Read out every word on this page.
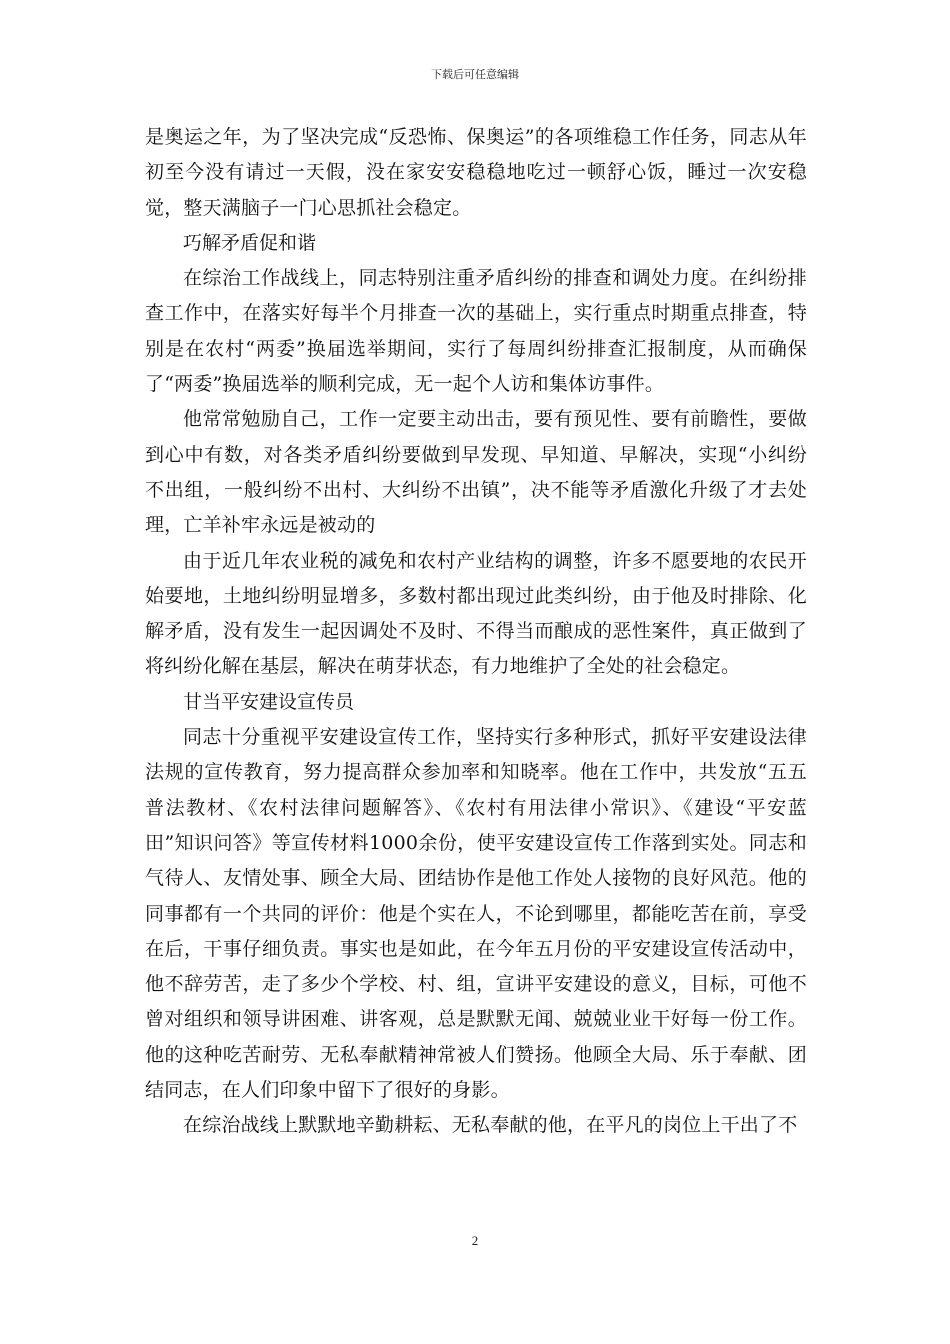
下载后可任意编辑

是奥运之年，为了坚决完成“反恐怖、保奥运”的各项维稳工作任务，同志从年初至今没有请过一天假，没在家安安稳稳地吃过一顿舒心饭，睡过一次安稳觉，整天满脑子一门心思抓社会稳定。

巧解矛盾促和谐

在综治工作战线上，同志特别注重矛盾纠纷的排查和调处力度。在纠纷排查工作中，在落实好每半个月排查一次的基础上，实行重点时期重点排查，特别是在农村“两委”换届选举期间，实行了每周纠纷排查汇报制度，从而确保了“两委”换届选举的顺利完成，无一起个人访和集体访事件。

他常常勉励自己，工作一定要主动出击，要有预见性、要有前瞻性，要做到心中有数，对各类矛盾纠纷要做到早发现、早知道、早解决，实现“小纠纷不出组，一般纠纷不出村、大纠纷不出镇”，决不能等矛盾激化升级了才去处理，亡羊补牢永远是被动的

由于近几年农业税的减免和农村产业结构的调整，许多不愿要地的农民开始要地，土地纠纷明显增多，多数村都出现过此类纠纷，由于他及时排除、化解矛盾，没有发生一起因调处不及时、不得当而酿成的恶性案件，真正做到了将纠纷化解在基层，解决在萌芽状态，有力地维护了全处的社会稳定。

甘当平安建设宣传员

同志十分重视平安建设宣传工作，坚持实行多种形式，抓好平安建设法律法规的宣传教育，努力提高群众参加率和知晓率。他在工作中，共发放“五五普法教材、《农村法律问题解答》、《农村有用法律小常识》、《建设“平安蓝田”知识问答》等宣传材料1000余份，使平安建设宣传工作落到实处。同志和气待人、友情处事、顾全大局、团结协作是他工作处人接物的良好风范。他的同事都有一个共同的评价：他是个实在人，不论到哪里，都能吃苦在前，享受在后，干事仔细负责。事实也是如此，在今年五月份的平安建设宣传活动中，他不辞劳苦，走了多少个学校、村、组，宣讲平安建设的意义，目标，可他不曾对组织和领导讲困难、讲客观，总是默默无闻、兢兢业业干好每一份工作。他的这种吃苦耐劳、无私奉献精神常被人们赞扬。他顾全大局、乐于奉献、团结同志，在人们印象中留下了很好的身影。

在综治战线上默默地辛勤耕耘、无私奉献的他，在平凡的岗位上干出了不

2
